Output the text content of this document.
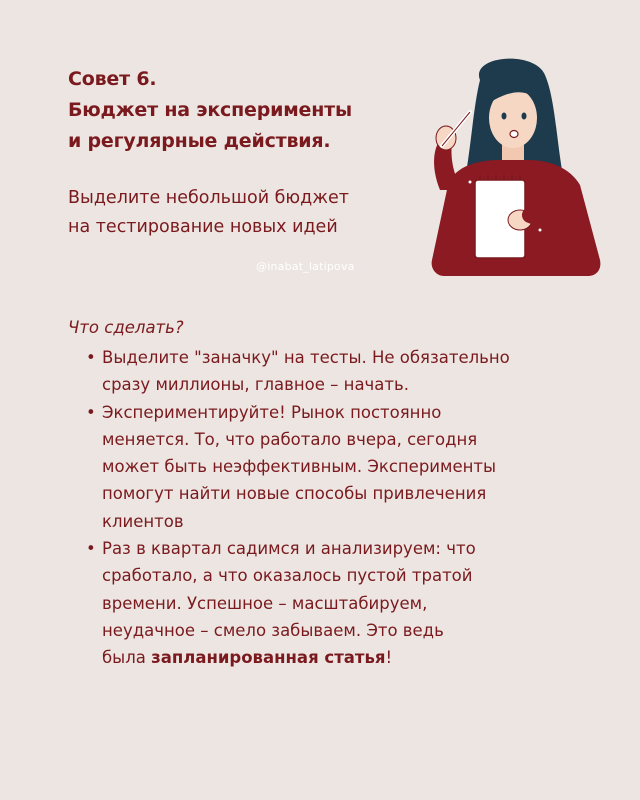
Совет 6.
Бюджет на эксперименты
и регулярные действия.

Выделите небольшой бюджет
на тестирование новых идей

@inabat_latipova
Что сделать?
• Выделите "заначку" на тесты. Не обязательно
сразу миллионы, главное – начать.
• Экспериментируйте! Рынок постоянно
меняется. То, что работало вчера, сегодня
может быть неэффективным. Эксперименты
помогут найти новые способы привлечения
клиентов
• Раз в квартал садимся и анализируем: что
сработало, а что оказалось пустой тратой
времени. Успешное – масштабируем,
неудачное – смело забываем. Это ведь
была запланированная статья!
